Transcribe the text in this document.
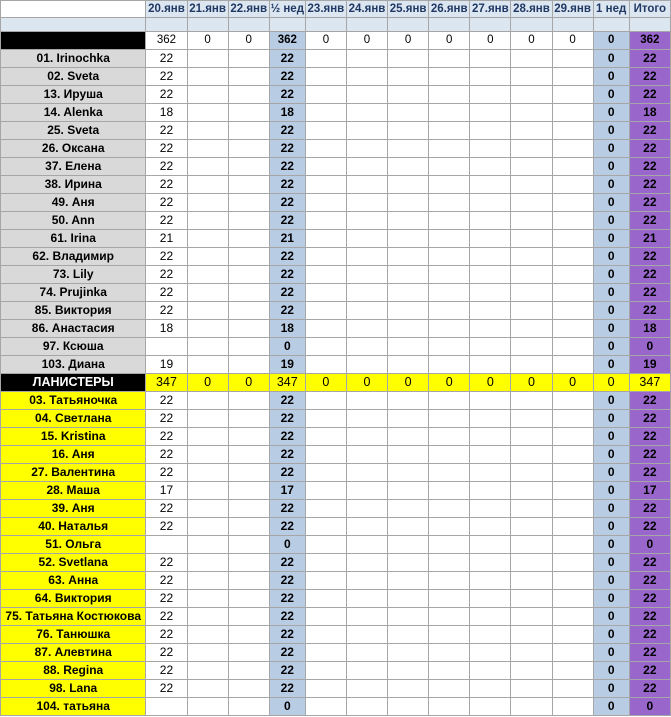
	20.янв	21.янв	22.янв	½ нед	23.янв	24.янв	25.янв	26.янв	27.янв	28.янв	29.янв	1 нед	Итого

СТАРКИ	362	0	0	362	0	0	0	0	0	0	0	0	362
01. Irinochka	22			22								0	22
02. Sveta	22			22								0	22
13. Ируша	22			22								0	22
14. Alenka	18			18								0	18
25. Sveta	22			22								0	22
26. Оксана	22			22								0	22
37. Елена	22			22								0	22
38. Ирина	22			22								0	22
49. Аня	22			22								0	22
50. Ann	22			22								0	22
61. Irina	21			21								0	21
62. Владимир	22			22								0	22
73. Lily	22			22								0	22
74. Prujinka	22			22								0	22
85. Виктория	22			22								0	22
86. Анастасия	18			18								0	18
97. Ксюша				0								0	0
103. Диана	19			19								0	19
ЛАНИСТЕРЫ	347	0	0	347	0	0	0	0	0	0	0	0	347
03. Татьяночка	22			22								0	22
04. Светлана	22			22								0	22
15. Kristina	22			22								0	22
16. Аня	22			22								0	22
27. Валентина	22			22								0	22
28. Маша	17			17								0	17
39. Аня	22			22								0	22
40. Наталья	22			22								0	22
51. Ольга				0								0	0
52. Svetlana	22			22								0	22
63. Анна	22			22								0	22
64. Виктория	22			22								0	22
75. Татьяна Костюкова	22			22								0	22
76. Танюшка	22			22								0	22
87. Алевтина	22			22								0	22
88. Regina	22			22								0	22
98. Lana	22			22								0	22
104. татьяна				0								0	0
